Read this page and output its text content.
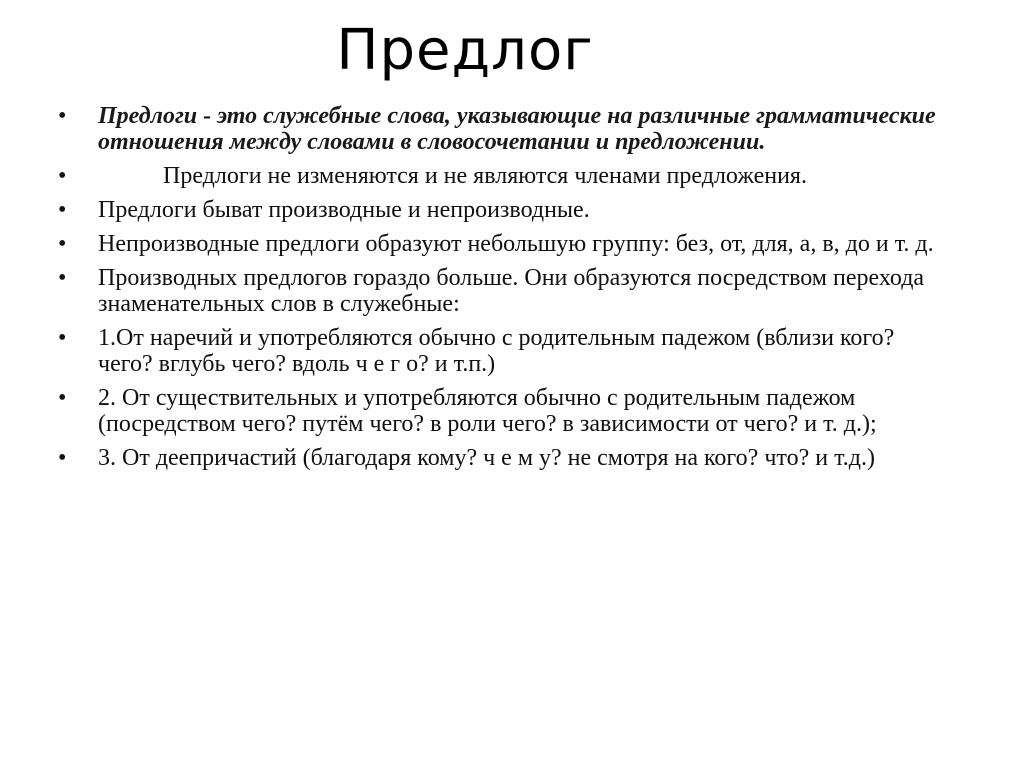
Предлог
•	Предлоги - это служебные слова, указывающие на различные грамматические отношения между словами в словосочетании и предложении.
•	Предлоги не изменяются и не являются членами предложения.
•	Предлоги быват производные и непроизводные.
•	Непроизводные предлоги образуют небольшую группу: без, от, для, а, в, до и т. д.
•	Производных предлогов гораздо больше. Они образуются посредством перехода знаменательных слов в служебные:
•	1.От наречий и употребляются обычно с родительным падежом (вблизи кого? чего? вглубь чего? вдоль ч е г о? и т.п.)
•	2. От существительных и употребляются обычно с родительным падежом (посредством чего? путём чего? в роли чего? в зависимости от чего? и т. д.);
•	3. От деепричастий (благодаря кому? ч е м у? не смотря на кого? что? и т.д.)
